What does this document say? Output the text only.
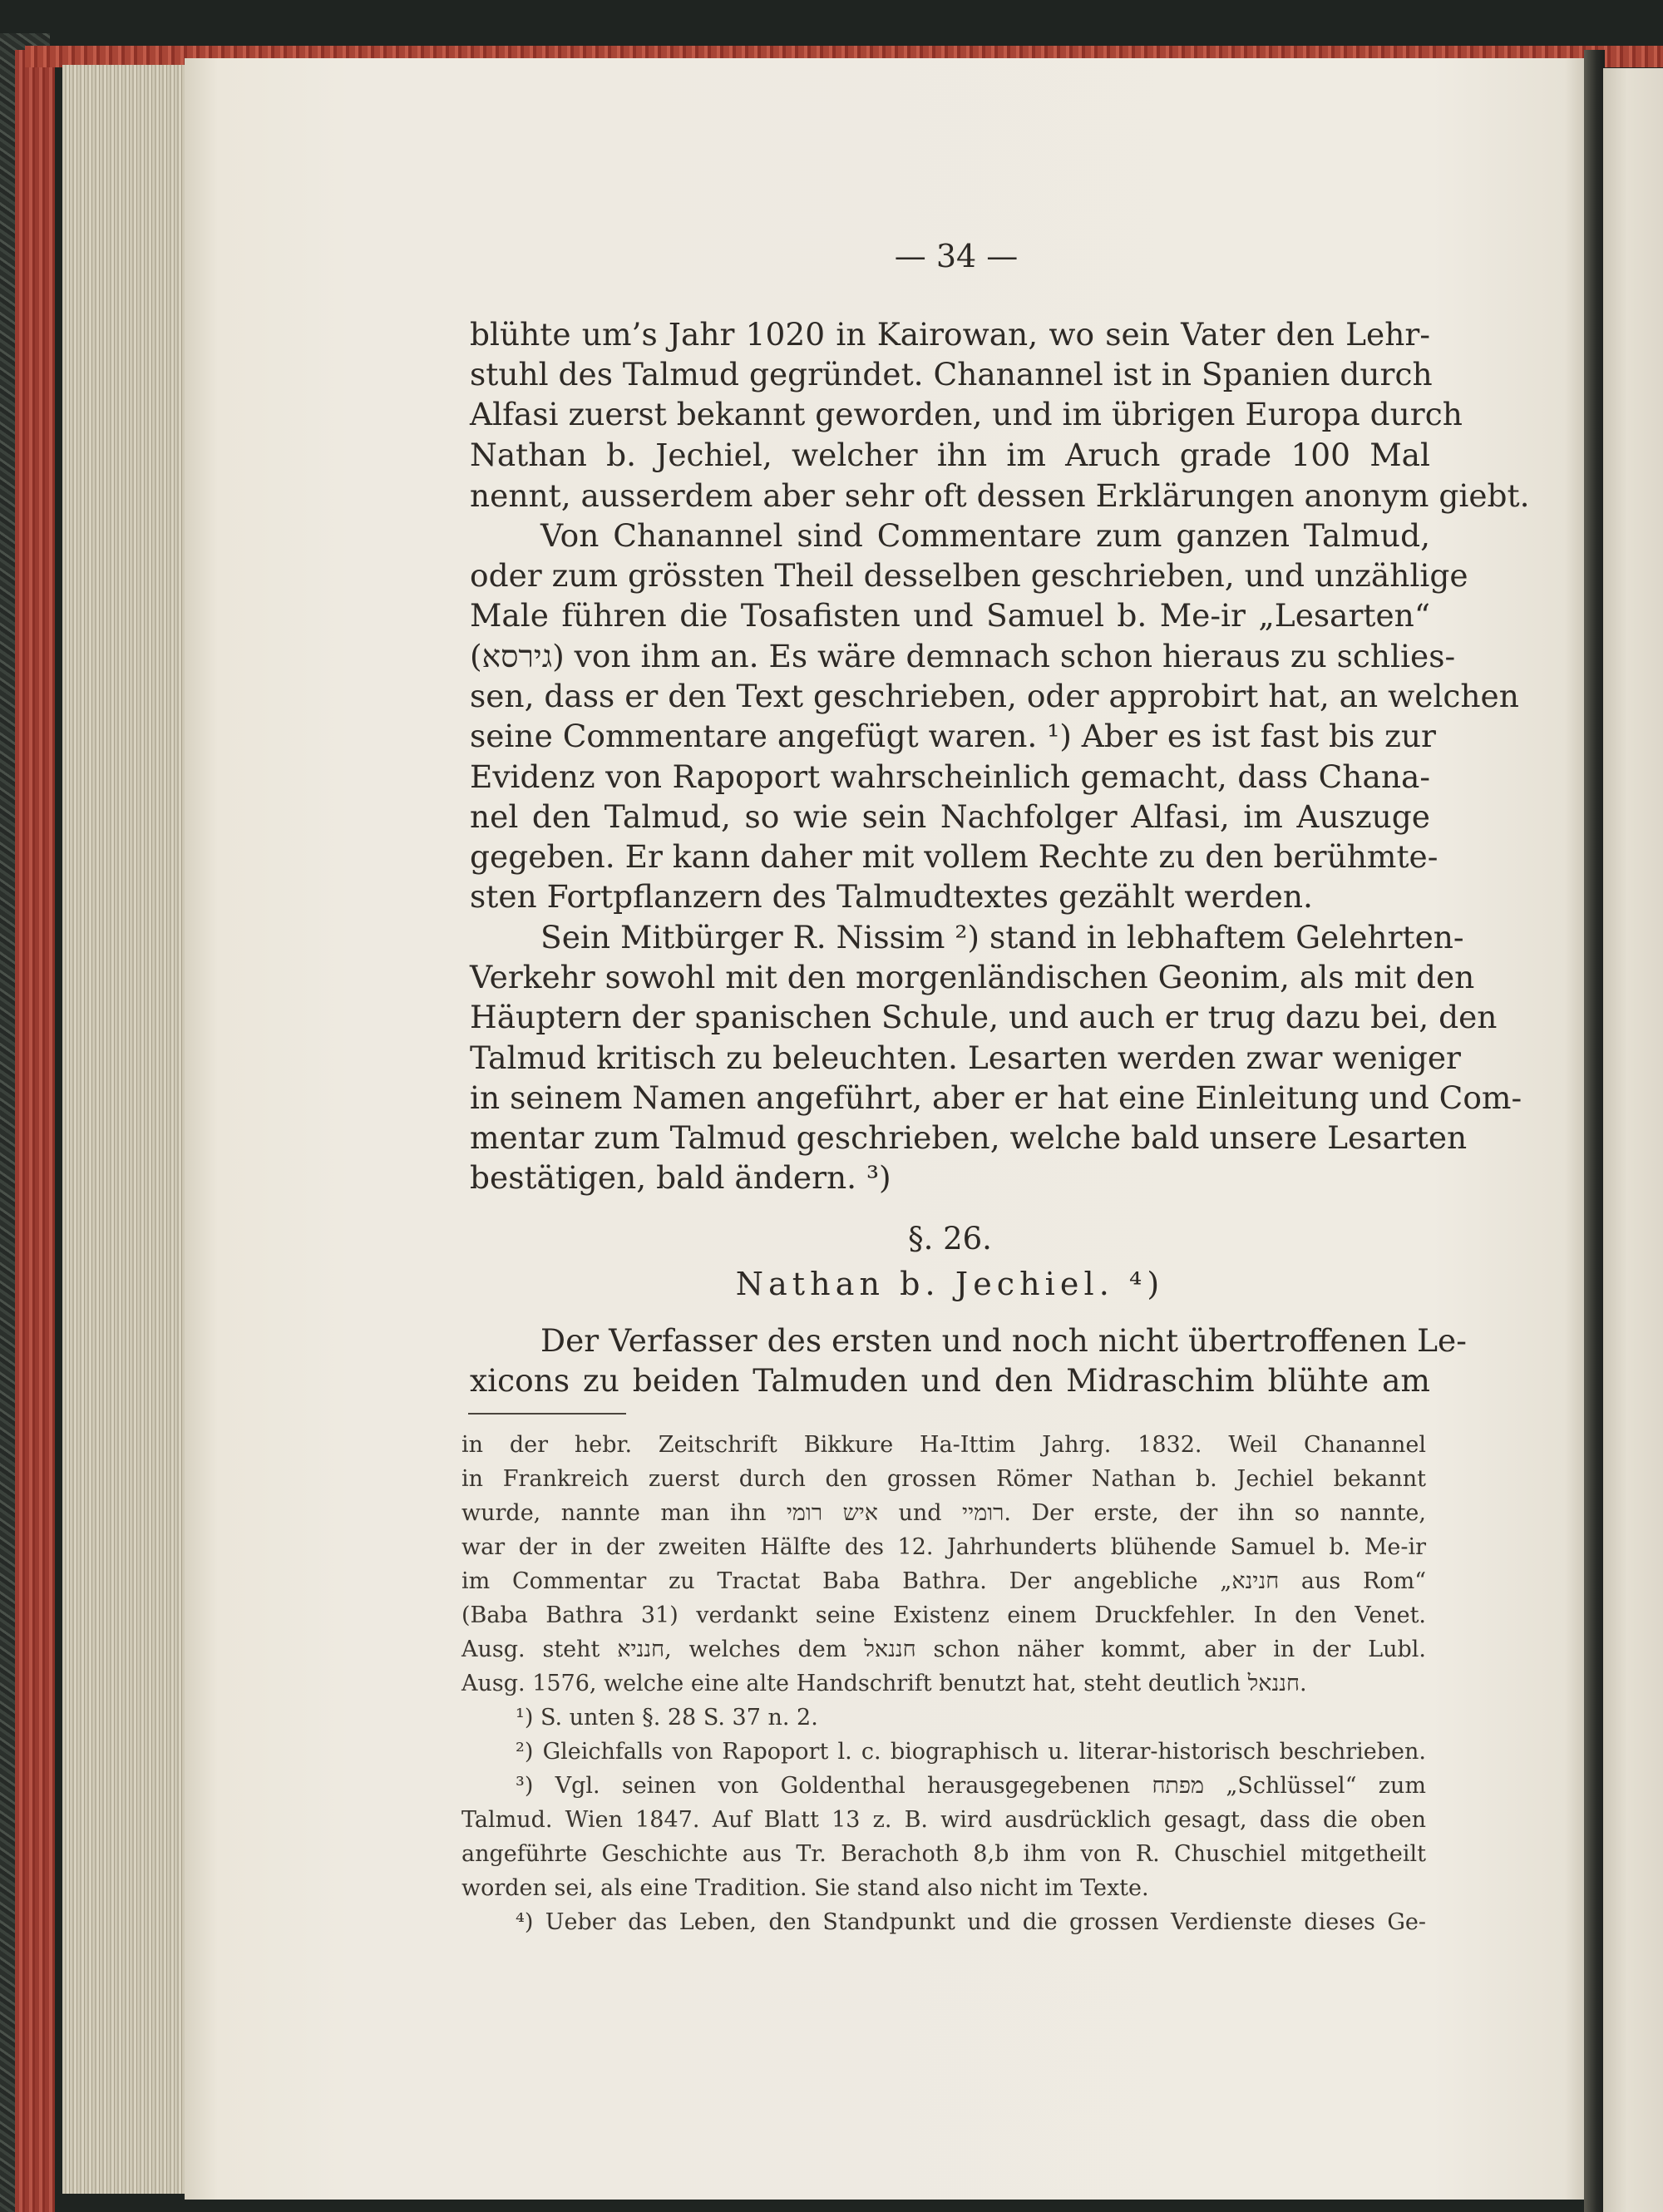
— 34 —
blühte um’s Jahr 1020 in Kairowan, wo sein Vater den Lehr-
stuhl des Talmud gegründet. Chanannel ist in Spanien durch
Alfasi zuerst bekannt geworden, und im übrigen Europa durch
Nathan b. Jechiel, welcher ihn im Aruch grade 100 Mal
nennt, ausserdem aber sehr oft dessen Erklärungen anonym giebt.
Von Chanannel sind Commentare zum ganzen Talmud,
oder zum grössten Theil desselben geschrieben, und unzählige
Male führen die Tosafisten und Samuel b. Me-ir „Lesarten“
(גירסא) von ihm an. Es wäre demnach schon hieraus zu schlies-
sen, dass er den Text geschrieben, oder approbirt hat, an welchen
seine Commentare angefügt waren. ¹) Aber es ist fast bis zur
Evidenz von Rapoport wahrscheinlich gemacht, dass Chana-
nel den Talmud, so wie sein Nachfolger Alfasi, im Auszuge
gegeben. Er kann daher mit vollem Rechte zu den berühmte-
sten Fortpflanzern des Talmudtextes gezählt werden.
Sein Mitbürger R. Nissim ²) stand in lebhaftem Gelehrten-
Verkehr sowohl mit den morgenländischen Geonim, als mit den
Häuptern der spanischen Schule, und auch er trug dazu bei, den
Talmud kritisch zu beleuchten. Lesarten werden zwar weniger
in seinem Namen angeführt, aber er hat eine Einleitung und Com-
mentar zum Talmud geschrieben, welche bald unsere Lesarten
bestätigen, bald ändern. ³)
§. 26.
Nathan b. Jechiel. ⁴)
Der Verfasser des ersten und noch nicht übertroffenen Le-
xicons zu beiden Talmuden und den Midraschim blühte am
in der hebr. Zeitschrift Bikkure Ha-Ittim Jahrg. 1832. Weil Chanannel
in Frankreich zuerst durch den grossen Römer Nathan b. Jechiel bekannt
wurde, nannte man ihn איש רומי und רומיי. Der erste, der ihn so nannte,
war der in der zweiten Hälfte des 12. Jahrhunderts blühende Samuel b. Me-ir
im Commentar zu Tractat Baba Bathra. Der angebliche „חנינא aus Rom“
(Baba Bathra 31) verdankt seine Existenz einem Druckfehler. In den Venet.
Ausg. steht חנניא, welches dem חננאל schon näher kommt, aber in der Lubl.
Ausg. 1576, welche eine alte Handschrift benutzt hat, steht deutlich חננאל.
¹) S. unten §. 28 S. 37 n. 2.
²) Gleichfalls von Rapoport l. c. biographisch u. literar-historisch beschrieben.
³) Vgl. seinen von Goldenthal herausgegebenen מפתח „Schlüssel“ zum
Talmud. Wien 1847. Auf Blatt 13 z. B. wird ausdrücklich gesagt, dass die oben
angeführte Geschichte aus Tr. Berachoth 8,b ihm von R. Chuschiel mitgetheilt
worden sei, als eine Tradition. Sie stand also nicht im Texte.
⁴) Ueber das Leben, den Standpunkt und die grossen Verdienste dieses Ge-
